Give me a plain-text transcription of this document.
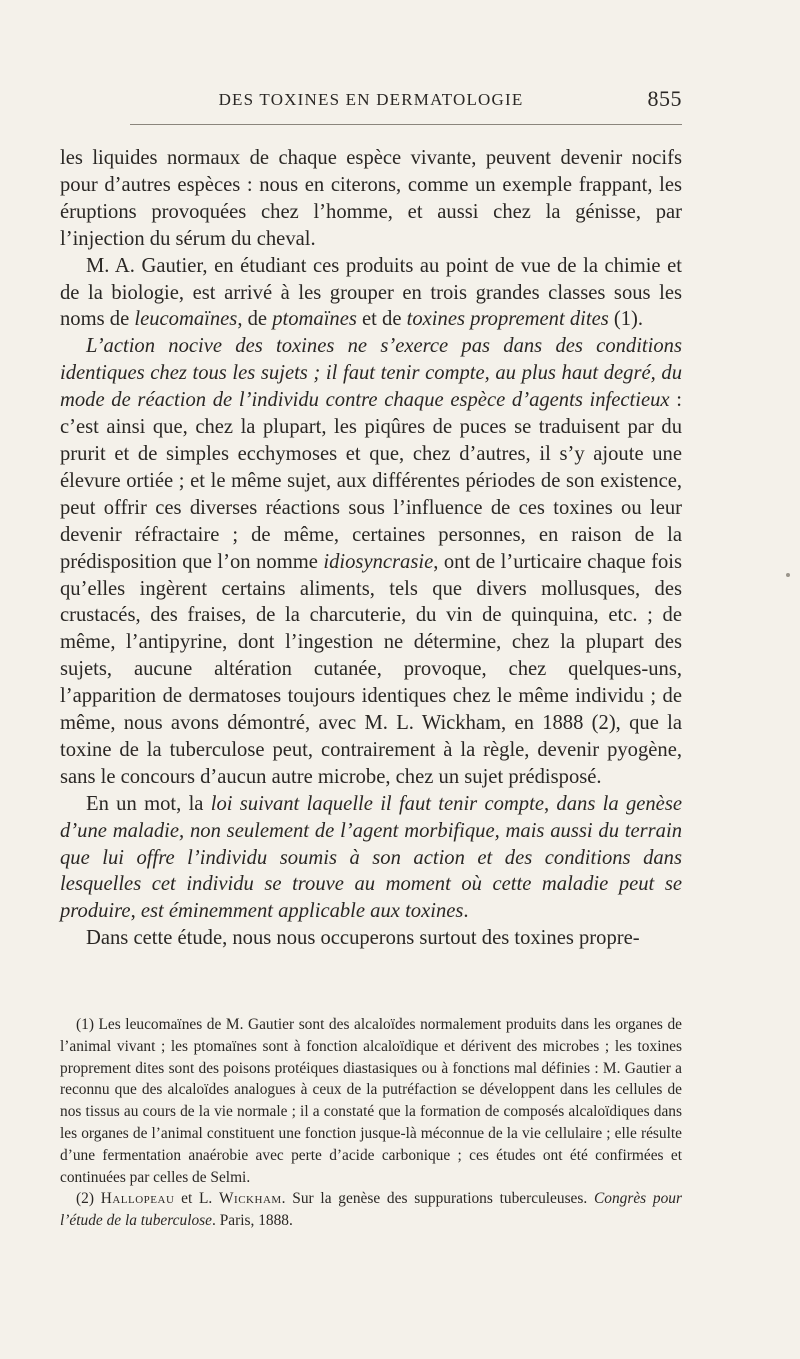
DES TOXINES EN DERMATOLOGIE	855

les liquides normaux de chaque espèce vivante, peuvent devenir nocifs pour d’autres espèces : nous en citerons, comme un exemple frappant, les éruptions provoquées chez l’homme, et aussi chez la génisse, par l’injection du sérum du cheval.

M. A. Gautier, en étudiant ces produits au point de vue de la chimie et de la biologie, est arrivé à les grouper en trois grandes classes sous les noms de leucomaïnes, de ptomaïnes et de toxines proprement dites (1).

L’action nocive des toxines ne s’exerce pas dans des conditions identiques chez tous les sujets ; il faut tenir compte, au plus haut degré, du mode de réaction de l’individu contre chaque espèce d’agents infectieux : c’est ainsi que, chez la plupart, les piqûres de puces se traduisent par du prurit et de simples ecchymoses et que, chez d’autres, il s’y ajoute une élevure ortiée ; et le même sujet, aux différentes périodes de son existence, peut offrir ces diverses réactions sous l’influence de ces toxines ou leur devenir réfractaire ; de même, certaines personnes, en raison de la prédisposition que l’on nomme idiosyncrasie, ont de l’urticaire chaque fois qu’elles ingèrent certains aliments, tels que divers mollusques, des crustacés, des fraises, de la charcuterie, du vin de quinquina, etc. ; de même, l’antipyrine, dont l’ingestion ne détermine, chez la plupart des sujets, aucune altération cutanée, provoque, chez quelques-uns, l’apparition de dermatoses toujours identiques chez le même individu ; de même, nous avons démontré, avec M. L. Wickham, en 1888 (2), que la toxine de la tuberculose peut, contrairement à la règle, devenir pyogène, sans le concours d’aucun autre microbe, chez un sujet prédisposé.

En un mot, la loi suivant laquelle il faut tenir compte, dans la genèse d’une maladie, non seulement de l’agent morbifique, mais aussi du terrain que lui offre l’individu soumis à son action et des conditions dans lesquelles cet individu se trouve au moment où cette maladie peut se produire, est éminemment applicable aux toxines.

Dans cette étude, nous nous occuperons surtout des toxines propre-

(1) Les leucomaïnes de M. Gautier sont des alcaloïdes normalement produits dans les organes de l’animal vivant ; les ptomaïnes sont à fonction alcaloïdique et dérivent des microbes ; les toxines proprement dites sont des poisons protéiques diastasiques ou à fonctions mal définies : M. Gautier a reconnu que des alcaloïdes analogues à ceux de la putréfaction se développent dans les cellules de nos tissus au cours de la vie normale ; il a constaté que la formation de composés alcaloïdiques dans les organes de l’animal constituent une fonction jusque-là méconnue de la vie cellulaire ; elle résulte d’une fermentation anaérobie avec perte d’acide carbonique ; ces études ont été confirmées et continuées par celles de Selmi.

(2) Hallopeau et L. Wickham. Sur la genèse des suppurations tuberculeuses. Congrès pour l’étude de la tuberculose. Paris, 1888.
